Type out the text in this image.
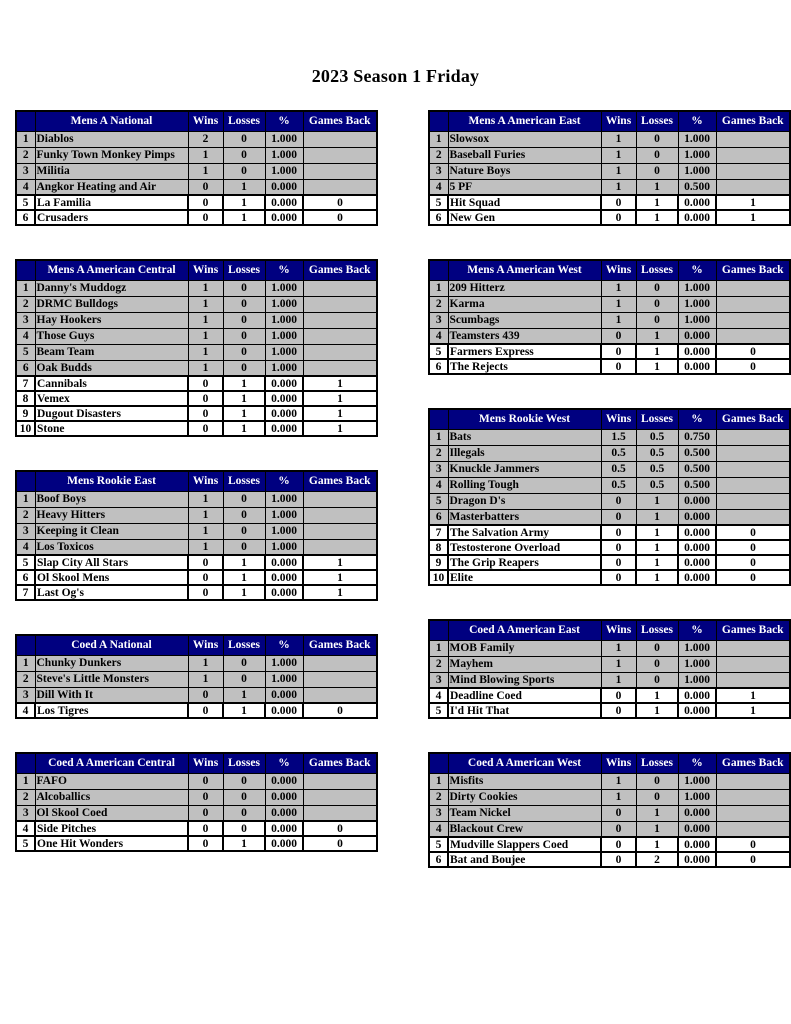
2023 Season 1 Friday
	Mens A National	Wins	Losses	%	Games Back
1	Diablos	2	0	1.000	
2	Funky Town Monkey Pimps	1	0	1.000	
3	Militia	1	0	1.000	
4	Angkor Heating and Air	0	1	0.000	
5	La Familia	0	1	0.000	0
6	Crusaders	0	1	0.000	0
	Mens A American Central	Wins	Losses	%	Games Back
1	Danny's Muddogz	1	0	1.000	
2	DRMC Bulldogs	1	0	1.000	
3	Hay Hookers	1	0	1.000	
4	Those Guys	1	0	1.000	
5	Beam Team	1	0	1.000	
6	Oak Budds	1	0	1.000	
7	Cannibals	0	1	0.000	1
8	Vemex	0	1	0.000	1
9	Dugout Disasters	0	1	0.000	1
10	Stone	0	1	0.000	1
	Mens Rookie East	Wins	Losses	%	Games Back
1	Boof Boys	1	0	1.000	
2	Heavy Hitters	1	0	1.000	
3	Keeping it Clean	1	0	1.000	
4	Los Toxicos	1	0	1.000	
5	Slap City All Stars	0	1	0.000	1
6	Ol Skool Mens	0	1	0.000	1
7	Last Og's	0	1	0.000	1
	Coed A National	Wins	Losses	%	Games Back
1	Chunky Dunkers	1	0	1.000	
2	Steve's Little Monsters	1	0	1.000	
3	Dill With It	0	1	0.000	
4	Los Tigres	0	1	0.000	0
	Coed A American Central	Wins	Losses	%	Games Back
1	FAFO	0	0	0.000	
2	Alcoballics	0	0	0.000	
3	Ol Skool Coed	0	0	0.000	
4	Side Pitches	0	0	0.000	0
5	One Hit Wonders	0	1	0.000	0
	Mens A American East	Wins	Losses	%	Games Back
1	Slowsox	1	0	1.000	
2	Baseball Furies	1	0	1.000	
3	Nature Boys	1	0	1.000	
4	5 PF	1	1	0.500	
5	Hit Squad	0	1	0.000	1
6	New Gen	0	1	0.000	1
	Mens A American West	Wins	Losses	%	Games Back
1	209 Hitterz	1	0	1.000	
2	Karma	1	0	1.000	
3	Scumbags	1	0	1.000	
4	Teamsters 439	0	1	0.000	
5	Farmers Express	0	1	0.000	0
6	The Rejects	0	1	0.000	0
	Mens Rookie West	Wins	Losses	%	Games Back
1	Bats	1.5	0.5	0.750	
2	Illegals	0.5	0.5	0.500	
3	Knuckle Jammers	0.5	0.5	0.500	
4	Rolling Tough	0.5	0.5	0.500	
5	Dragon D's	0	1	0.000	
6	Masterbatters	0	1	0.000	
7	The Salvation Army	0	1	0.000	0
8	Testosterone Overload	0	1	0.000	0
9	The Grip Reapers	0	1	0.000	0
10	Elite	0	1	0.000	0
	Coed A American East	Wins	Losses	%	Games Back
1	MOB Family	1	0	1.000	
2	Mayhem	1	0	1.000	
3	Mind Blowing Sports	1	0	1.000	
4	Deadline Coed	0	1	0.000	1
5	I'd Hit That	0	1	0.000	1
	Coed A American West	Wins	Losses	%	Games Back
1	Misfits	1	0	1.000	
2	Dirty Cookies	1	0	1.000	
3	Team Nickel	0	1	0.000	
4	Blackout Crew	0	1	0.000	
5	Mudville Slappers Coed	0	1	0.000	0
6	Bat and Boujee	0	2	0.000	0
